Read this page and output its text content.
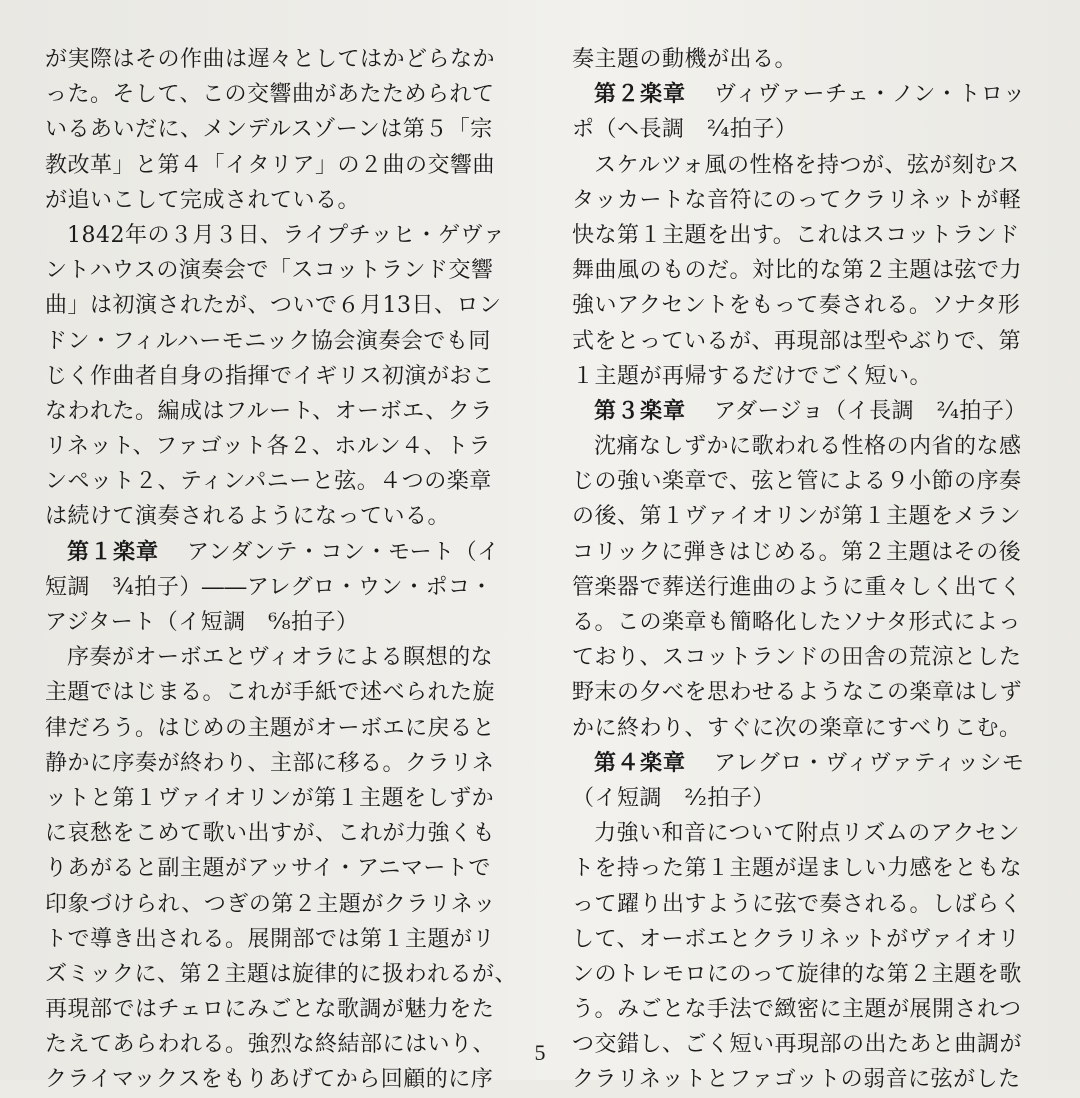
が実際はその作曲は遅々としてはかどらなか
った。そして、この交響曲があたためられて
いるあいだに、メンデルスゾーンは第５「宗
教改革」と第４「イタリア」の２曲の交響曲
が追いこして完成されている。
1842年の３月３日、ライプチッヒ・ゲヴァ
ントハウスの演奏会で「スコットランド交響
曲」は初演されたが、ついで６月13日、ロン
ドン・フィルハーモニック協会演奏会でも同
じく作曲者自身の指揮でイギリス初演がおこ
なわれた。編成はフルート、オーボエ、クラ
リネット、ファゴット各２、ホルン４、トラ
ンペット２、ティンパニーと弦。４つの楽章
は続けて演奏されるようになっている。
第１楽章 アンダンテ・コン・モート（イ
短調　¾拍子）――アレグロ・ウン・ポコ・
アジタート（イ短調　⁶⁄₈拍子）
序奏がオーボエとヴィオラによる瞑想的な
主題ではじまる。これが手紙で述べられた旋
律だろう。はじめの主題がオーボエに戻ると
静かに序奏が終わり、主部に移る。クラリネ
ットと第１ヴァイオリンが第１主題をしずか
に哀愁をこめて歌い出すが、これが力強くも
りあがると副主題がアッサイ・アニマートで
印象づけられ、つぎの第２主題がクラリネッ
トで導き出される。展開部では第１主題がリ
ズミックに、第２主題は旋律的に扱われるが、
再現部ではチェロにみごとな歌調が魅力をた
たえてあらわれる。強烈な終結部にはいり、
クライマックスをもりあげてから回顧的に序
奏主題の動機が出る。
第２楽章 ヴィヴァーチェ・ノン・トロッ
ポ（ヘ長調　²⁄₄拍子）
スケルツォ風の性格を持つが、弦が刻むス
タッカートな音符にのってクラリネットが軽
快な第１主題を出す。これはスコットランド
舞曲風のものだ。対比的な第２主題は弦で力
強いアクセントをもって奏される。ソナタ形
式をとっているが、再現部は型やぶりで、第
１主題が再帰するだけでごく短い。
第３楽章 アダージョ（イ長調　²⁄₄拍子）
沈痛なしずかに歌われる性格の内省的な感
じの強い楽章で、弦と管による９小節の序奏
の後、第１ヴァイオリンが第１主題をメラン
コリックに弾きはじめる。第２主題はその後
管楽器で葬送行進曲のように重々しく出てく
る。この楽章も簡略化したソナタ形式によっ
ており、スコットランドの田舎の荒涼とした
野末の夕べを思わせるようなこの楽章はしず
かに終わり、すぐに次の楽章にすべりこむ。
第４楽章 アレグロ・ヴィヴァティッシモ
（イ短調　²⁄₂拍子）
力強い和音について附点リズムのアクセン
トを持った第１主題が逞ましい力感をともな
って躍り出すように弦で奏される。しばらく
して、オーボエとクラリネットがヴァイオリ
ンのトレモロにのって旋律的な第２主題を歌
う。みごとな手法で緻密に主題が展開されつ
つ交錯し、ごく短い再現部の出たあと曲調が
クラリネットとファゴットの弱音に弦がした
5
